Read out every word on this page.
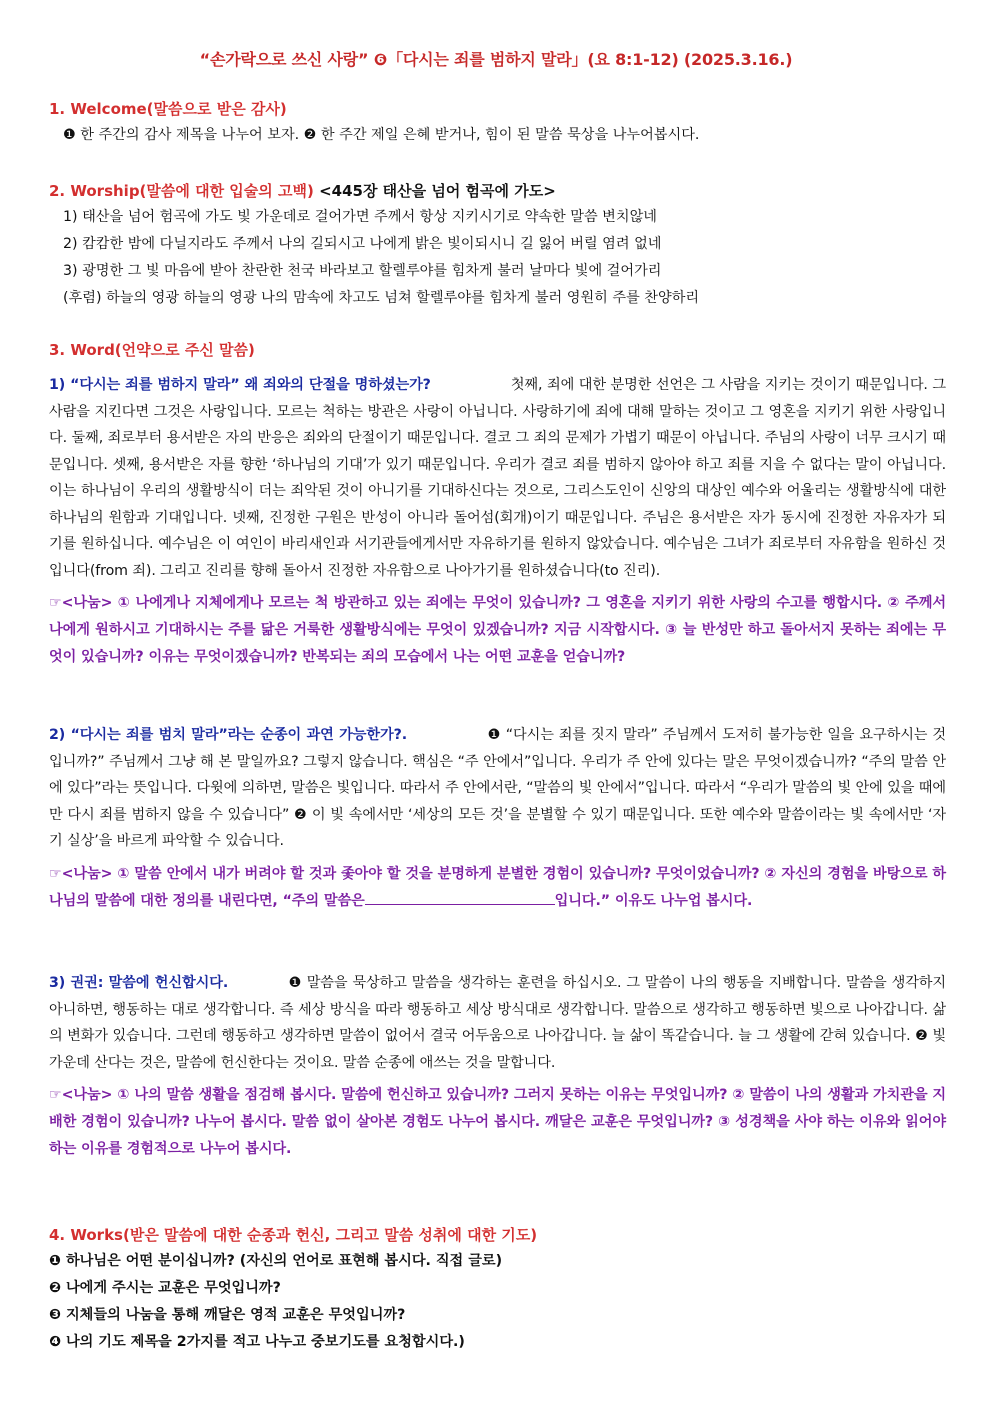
“손가락으로 쓰신 사랑” ❻「다시는 죄를 범하지 말라」(요 8:1-12) (2025.3.16.)
1. Welcome(말씀으로 받은 감사)
❶ 한 주간의 감사 제목을 나누어 보자. ❷ 한 주간 제일 은혜 받거나, 힘이 된 말씀 묵상을 나누어봅시다.
2. Worship(말씀에 대한 입술의 고백) <445장 태산을 넘어 험곡에 가도>
1) 태산을 넘어 험곡에 가도 빛 가운데로 걸어가면 주께서 항상 지키시기로 약속한 말씀 변치않네
2) 캄캄한 밤에 다닐지라도 주께서 나의 길되시고 나에게 밝은 빛이되시니 길 잃어 버릴 염려 없네
3) 광명한 그 빛 마음에 받아 찬란한 천국 바라보고 할렐루야를 힘차게 불러 날마다 빛에 걸어가리
(후렴) 하늘의 영광 하늘의 영광 나의 맘속에 차고도 넘쳐 할렐루야를 힘차게 불러 영원히 주를 찬양하리
3. Word(언약으로 주신 말씀)
1) “다시는 죄를 범하지 말라” 왜 죄와의 단절을 명하셨는가?	첫째, 죄에 대한 분명한 선언은 그 사람을 지키는 것이기 때문입니다. 그 사람을 지킨다면 그것은 사랑입니다. 모르는 척하는 방관은 사랑이 아닙니다. 사랑하기에 죄에 대해 말하는 것이고 그 영혼을 지키기 위한 사랑입니다. 둘째, 죄로부터 용서받은 자의 반응은 죄와의 단절이기 때문입니다. 결코 그 죄의 문제가 가볍기 때문이 아닙니다. 주님의 사랑이 너무 크시기 때문입니다. 셋째, 용서받은 자를 향한 ‘하나님의 기대’가 있기 때문입니다. 우리가 결코 죄를 범하지 않아야 하고 죄를 지을 수 없다는 말이 아닙니다. 이는 하나님이 우리의 생활방식이 더는 죄악된 것이 아니기를 기대하신다는 것으로, 그리스도인이 신앙의 대상인 예수와 어울리는 생활방식에 대한 하나님의 원함과 기대입니다. 넷째, 진정한 구원은 반성이 아니라 돌어섬(회개)이기 때문입니다. 주님은 용서받은 자가 동시에 진정한 자유자가 되기를 원하십니다. 예수님은 이 여인이 바리새인과 서기관들에게서만 자유하기를 원하지 않았습니다. 예수님은 그녀가 죄로부터 자유함을 원하신 것입니다(from 죄). 그리고 진리를 향해 돌아서 진정한 자유함으로 나아가기를 원하셨습니다(to 진리).
☞<나눔> ① 나에게나 지체에게나 모르는 척 방관하고 있는 죄에는 무엇이 있습니까? 그 영혼을 지키기 위한 사랑의 수고를 행합시다. ② 주께서 나에게 원하시고 기대하시는 주를 닮은 거룩한 생활방식에는 무엇이 있겠습니까? 지금 시작합시다. ③ 늘 반성만 하고 돌아서지 못하는 죄에는 무엇이 있습니까? 이유는 무엇이겠습니까? 반복되는 죄의 모습에서 나는 어떤 교훈을 얻습니까?
2) “다시는 죄를 범치 말라”라는 순종이 과연 가능한가?.	❶ “다시는 죄를 짓지 말라” 주님께서 도저히 불가능한 일을 요구하시는 것입니까?” 주님께서 그냥 해 본 말일까요? 그렇지 않습니다. 핵심은 “주 안에서”입니다. 우리가 주 안에 있다는 말은 무엇이겠습니까? “주의 말씀 안에 있다”라는 뜻입니다. 다윗에 의하면, 말씀은 빛입니다. 따라서 주 안에서란, “말씀의 빛 안에서”입니다. 따라서 “우리가 말씀의 빛 안에 있을 때에만 다시 죄를 범하지 않을 수 있습니다” ❷ 이 빛 속에서만 ‘세상의 모든 것’을 분별할 수 있기 때문입니다. 또한 예수와 말씀이라는 빛 속에서만 ‘자기 실상’을 바르게 파악할 수 있습니다.
☞<나눔> ① 말씀 안에서 내가 버려야 할 것과 좇아야 할 것을 분명하게 분별한 경험이 있습니까? 무엇이었습니까? ② 자신의 경험을 바탕으로 하나님의 말씀에 대한 정의를 내린다면, “주의 말씀은	입니다.” 이유도 나누업 봅시다.
3) 권권: 말씀에 헌신합시다.	❶ 말씀을 묵상하고 말씀을 생각하는 훈련을 하십시오. 그 말씀이 나의 행동을 지배합니다. 말씀을 생각하지 아니하면, 행동하는 대로 생각합니다. 즉 세상 방식을 따라 행동하고 세상 방식대로 생각합니다. 말씀으로 생각하고 행동하면 빛으로 나아갑니다. 삶의 변화가 있습니다. 그런데 행동하고 생각하면 말씀이 없어서 결국 어두움으로 나아갑니다. 늘 삶이 똑같습니다. 늘 그 생활에 갇혀 있습니다. ❷ 빛 가운데 산다는 것은, 말씀에 헌신한다는 것이요. 말씀 순종에 애쓰는 것을 말합니다.
☞<나눔> ① 나의 말씀 생활을 점검해 봅시다. 말씀에 헌신하고 있습니까? 그러지 못하는 이유는 무엇입니까? ② 말씀이 나의 생활과 가치관을 지배한 경험이 있습니까? 나누어 봅시다. 말씀 없이 살아본 경험도 나누어 봅시다. 깨달은 교훈은 무엇입니까? ③ 성경책을 사야 하는 이유와 읽어야 하는 이유를 경험적으로 나누어 봅시다.
4. Works(받은 말씀에 대한 순종과 헌신, 그리고 말씀 성취에 대한 기도)
❶ 하나님은 어떤 분이십니까? (자신의 언어로 표현해 봅시다. 직접 글로)
❷ 나에게 주시는 교훈은 무엇입니까?
❸ 지체들의 나눔을 통해 깨달은 영적 교훈은 무엇입니까?
❹ 나의 기도 제목을 2가지를 적고 나누고 중보기도를 요청합시다.)
